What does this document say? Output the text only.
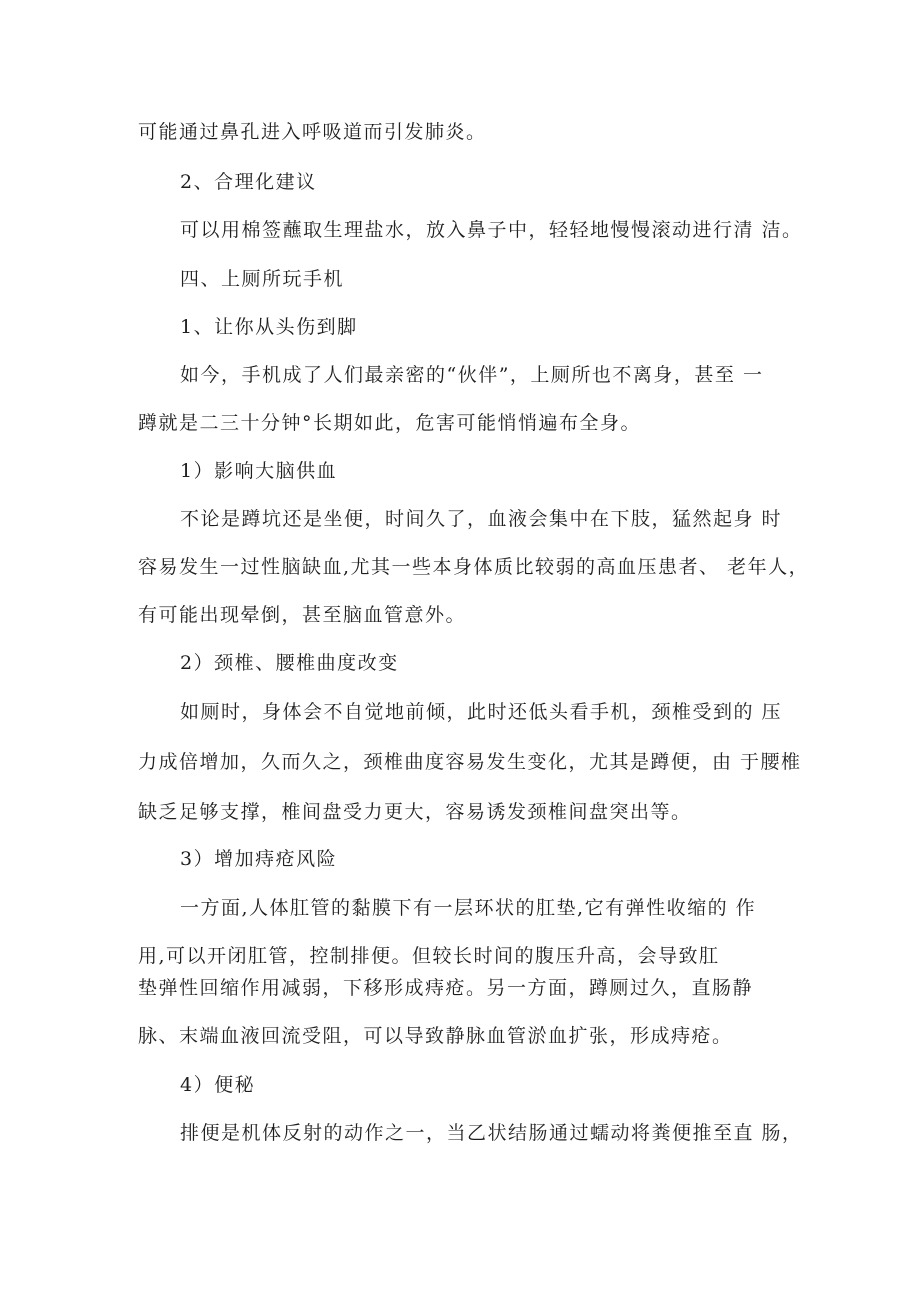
可能通过鼻孔进入呼吸道而引发肺炎。
2、合理化建议
可以用棉签蘸取生理盐水，放入鼻子中，轻轻地慢慢滚动进行清 洁。
四、上厕所玩手机
1、让你从头伤到脚
如今，手机成了人们最亲密的“伙伴”，上厕所也不离身，甚至 一
蹲就是二三十分钟°长期如此，危害可能悄悄遍布全身。
1）影响大脑供血
不论是蹲坑还是坐便，时间久了，血液会集中在下肢，猛然起身 时
容易发生一过性脑缺血,尤其一些本身体质比较弱的高血压患者、 老年人，
有可能出现晕倒，甚至脑血管意外。
2）颈椎、腰椎曲度改变
如厕时，身体会不自觉地前倾，此时还低头看手机，颈椎受到的 压
力成倍增加，久而久之，颈椎曲度容易发生变化，尤其是蹲便，由 于腰椎
缺乏足够支撑，椎间盘受力更大，容易诱发颈椎间盘突出等。
3）增加痔疮风险
一方面,人体肛管的黏膜下有一层环状的肛垫,它有弹性收缩的 作
用,可以开闭肛管，控制排便。但较长时间的腹压升高，会导致肛
垫弹性回缩作用减弱，下移形成痔疮。另一方面，蹲厕过久，直肠静
脉、末端血液回流受阻，可以导致静脉血管淤血扩张，形成痔疮。
4）便秘
排便是机体反射的动作之一，当乙状结肠通过蠕动将粪便推至直 肠，
